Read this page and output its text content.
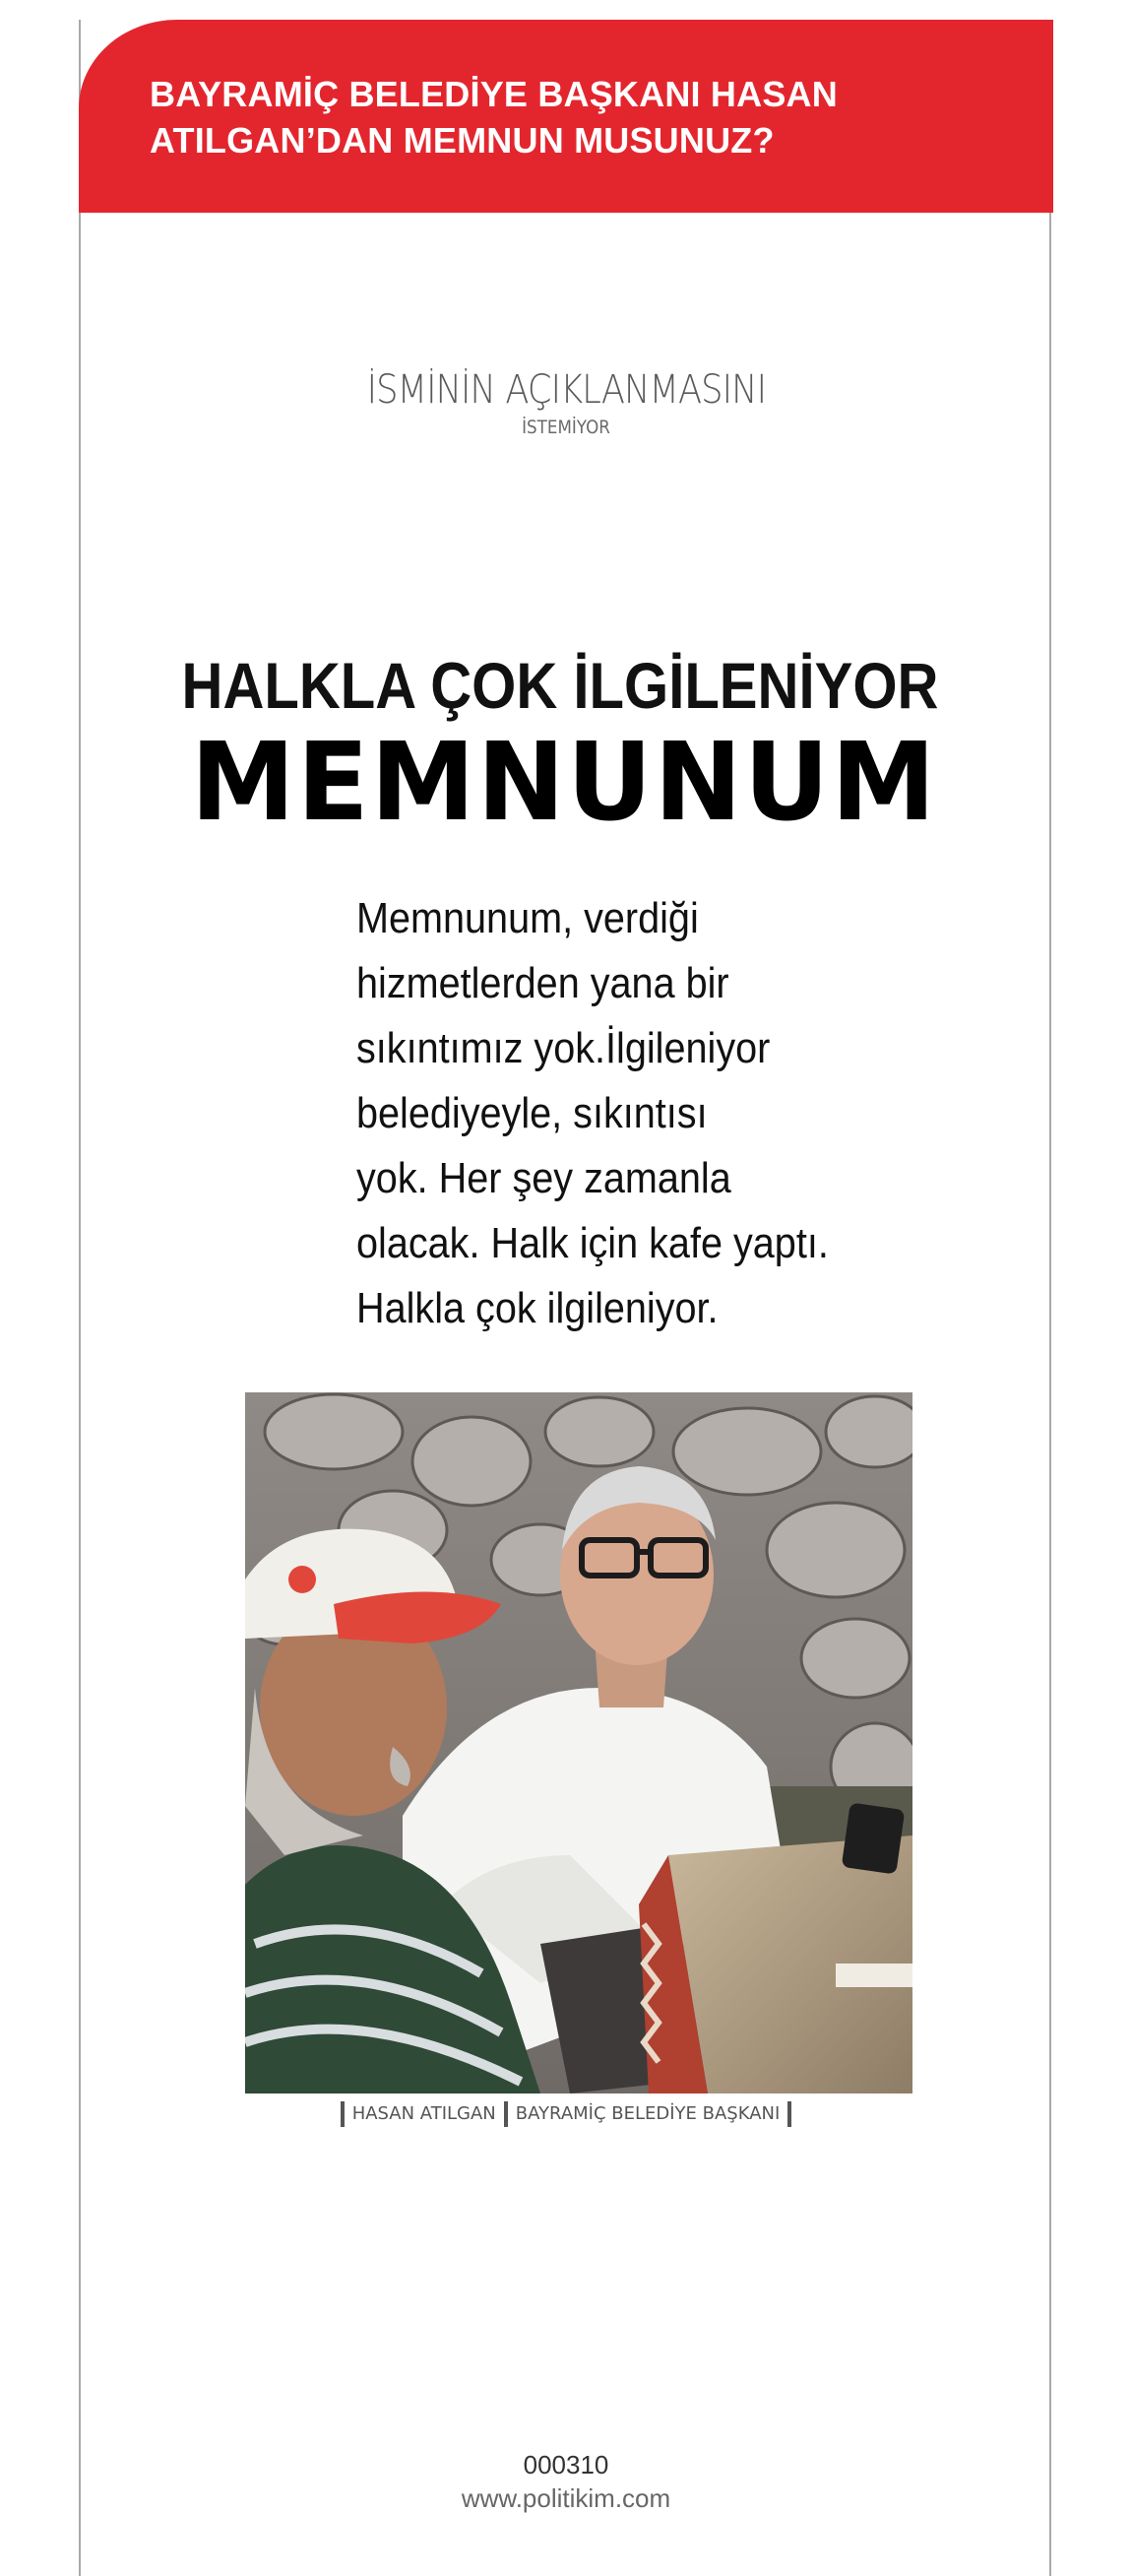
BAYRAMİÇ BELEDİYE BAŞKANI HASAN ATILGAN’DAN MEMNUN MUSUNUZ?

İSMİNİN AÇIKLANMASINI
İSTEMİYOR
HALKLA ÇOK İLGİLENİYOR
MEMNUNUM
Memnunum, verdiği
hizmetlerden yana bir
sıkıntımız yok.İlgileniyor
belediyeyle, sıkıntısı
yok. Her şey zamanla
olacak. Halk için kafe yaptı.
Halkla çok ilgileniyor.
HASAN ATILGAN BAYRAMİÇ BELEDİYE BAŞKANI
000310
www.politikim.com
